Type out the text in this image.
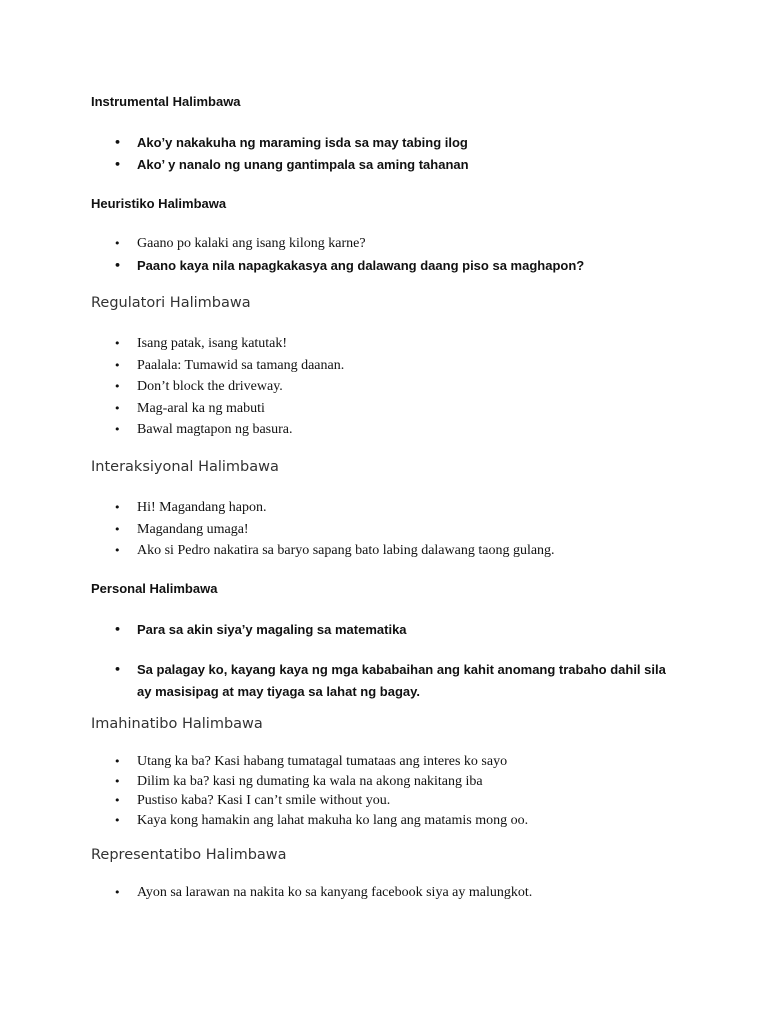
Instrumental Halimbawa
• Ako’y nakakuha ng maraming isda sa may tabing ilog
• Ako’ y nanalo ng unang gantimpala sa aming tahanan
Heuristiko Halimbawa
• Gaano po kalaki ang isang kilong karne?
• Paano kaya nila napagkakasya ang dalawang daang piso sa maghapon?
Regulatori Halimbawa
• Isang patak, isang katutak!
• Paalala: Tumawid sa tamang daanan.
• Don’t block the driveway.
• Mag-aral ka ng mabuti
• Bawal magtapon ng basura.
Interaksiyonal Halimbawa
• Hi! Magandang hapon.
• Magandang umaga!
• Ako si Pedro nakatira sa baryo sapang bato labing dalawang taong gulang.
Personal Halimbawa
• Para sa akin siya’y magaling sa matematika
• Sa palagay ko, kayang kaya ng mga kababaihan ang kahit anomang trabaho dahil sila ay masisipag at may tiyaga sa lahat ng bagay.
Imahinatibo Halimbawa
• Utang ka ba? Kasi habang tumatagal tumataas ang interes ko sayo
• Dilim ka ba? kasi ng dumating ka wala na akong nakitang iba
• Pustiso kaba? Kasi I can’t smile without you.
• Kaya kong hamakin ang lahat makuha ko lang ang matamis mong oo.
Representatibo Halimbawa
• Ayon sa larawan na nakita ko sa kanyang facebook siya ay malungkot.
